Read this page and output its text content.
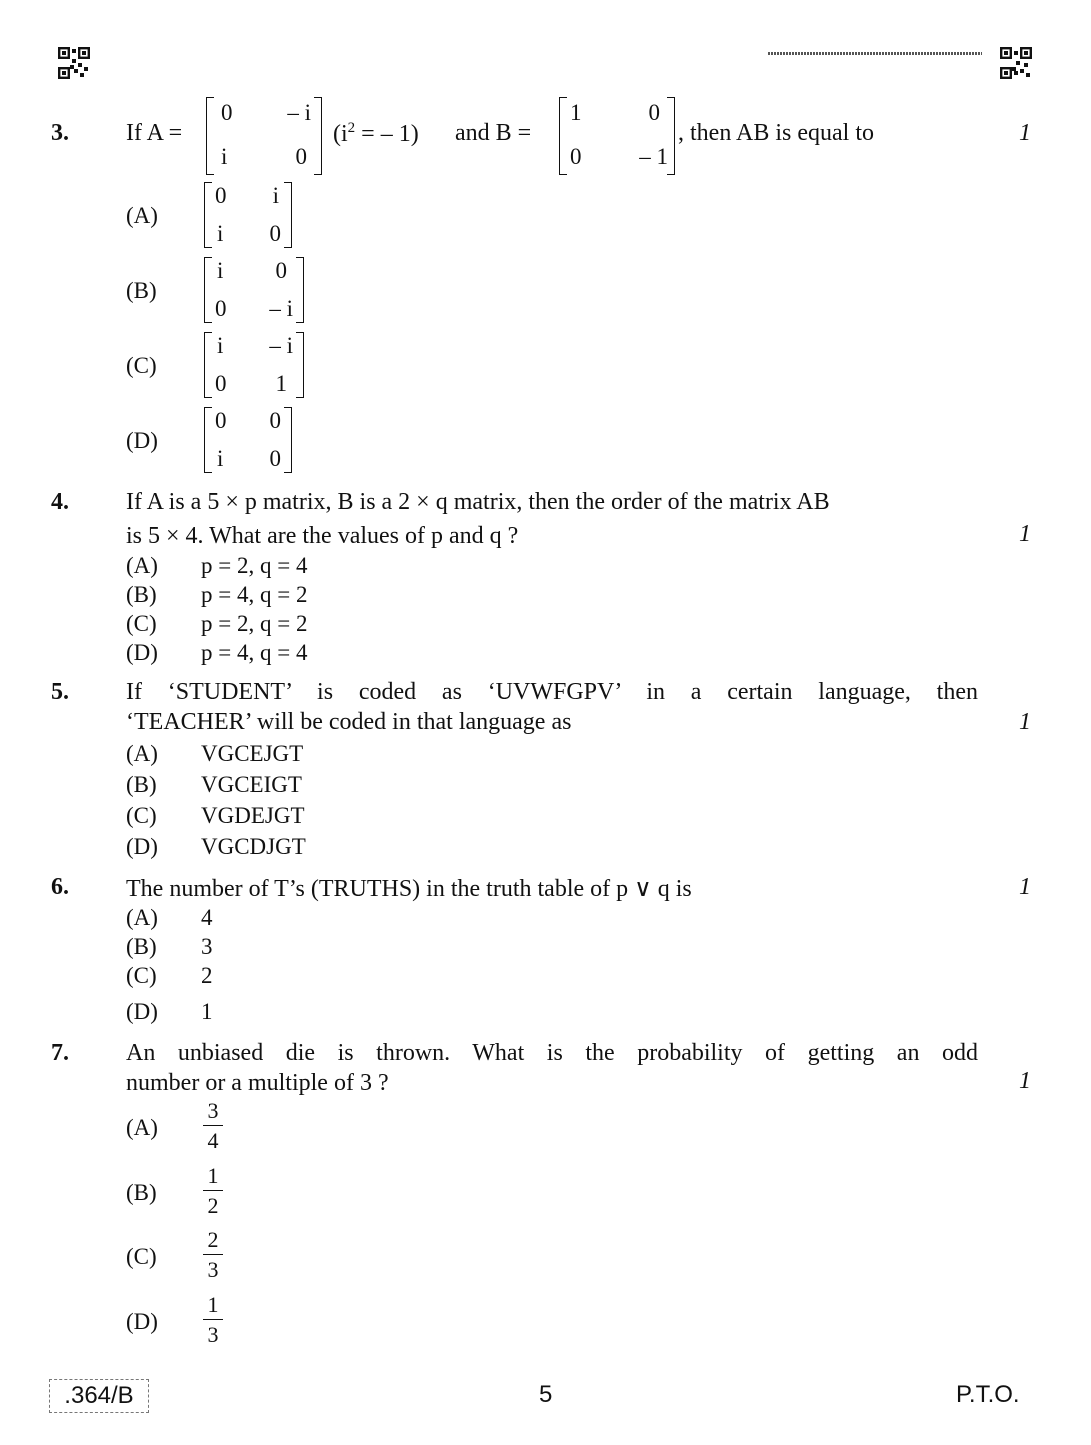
3. If A =
0 – i
i	0
($i^2$ = – 1) and B =
1	0
0	– 1
, then AB is equal to	1
(A)
0 i
i 0
(B)
i 0
0 – i
(C)
i – i
0 1
(D)
0 0
i 0
4. If A is a 5 × p matrix, B is a 2 × q matrix, then the order of the matrix AB
is 5 × 4. What are the values of p and q ?	1
(A) p = 2, q = 4
(B) p = 4, q = 2
(C) p = 2, q = 2
(D) p = 4, q = 4
5. If ‘STUDENT’ is coded as ‘UVWFGPV’ in a certain language, then
‘TEACHER’ will be coded in that language as	1
(A) VGCEJGT
(B) VGCEIGT
(C) VGDEJGT
(D) VGCDJGT
6. The number of T’s (TRUTHS) in the truth table of p ∨ q is	1
(A) 4
(B) 3
(C) 2
(D) 1
7. An unbiased die is thrown. What is the probability of getting an odd
number or a multiple of 3 ?	1
$(A) \frac{3}{4}$
$(B) \frac{1}{2}$
$(C) \frac{2}{3}$
$(D) \frac{1}{3}$
.364/B	5	P.T.O.
